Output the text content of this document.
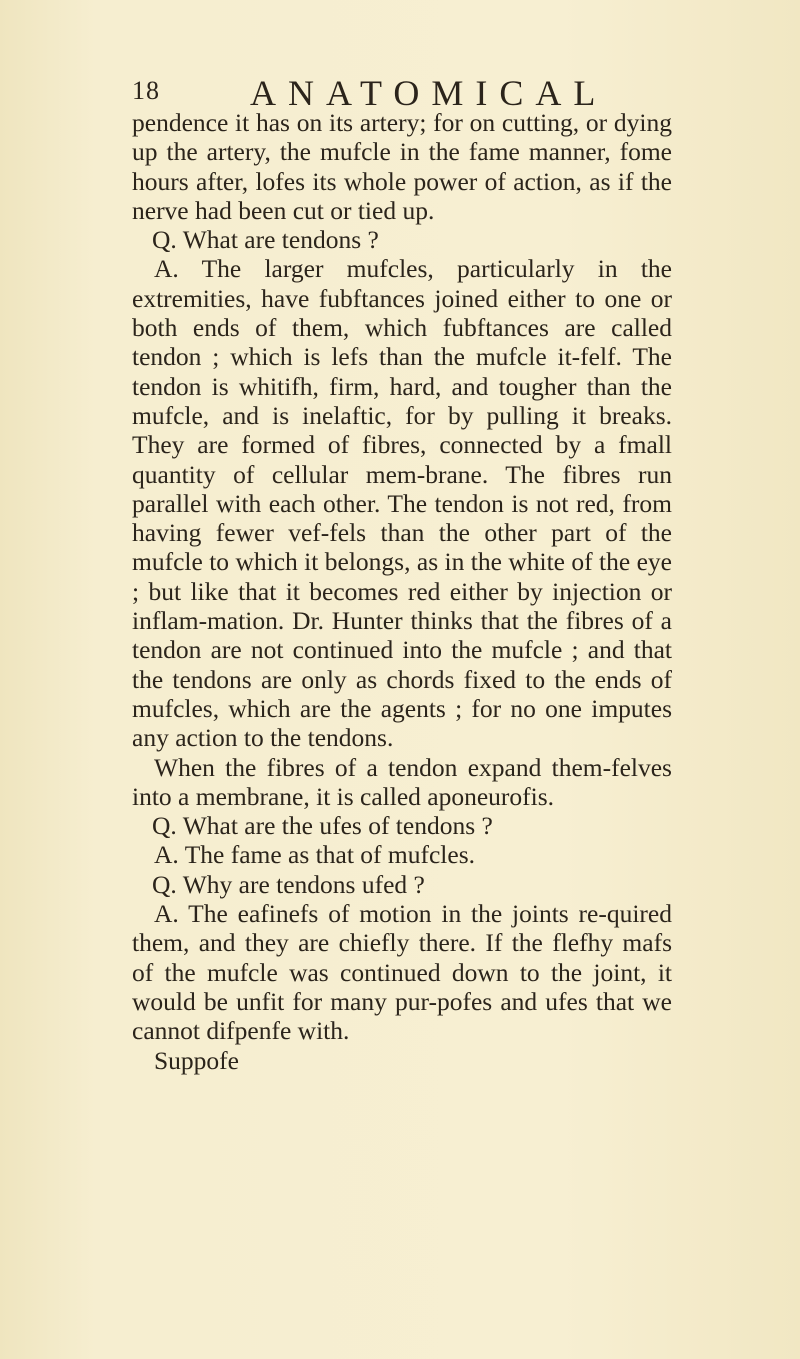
18	ANATOMICAL

pendence it has on its artery; for on cutting, or dying up the artery, the mufcle in the fame manner, fome hours after, lofes its whole power of action, as if the nerve had been cut or tied up.

Q. What are tendons ?

A. The larger mufcles, particularly in the extremities, have fubftances joined either to one or both ends of them, which fubftances are called tendon ; which is lefs than the mufcle it-felf. The tendon is whitifh, firm, hard, and tougher than the mufcle, and is inelaftic, for by pulling it breaks. They are formed of fibres, connected by a fmall quantity of cellular mem-brane. The fibres run parallel with each other. The tendon is not red, from having fewer vef-fels than the other part of the mufcle to which it belongs, as in the white of the eye ; but like that it becomes red either by injection or inflam-mation. Dr. Hunter thinks that the fibres of a tendon are not continued into the mufcle ; and that the tendons are only as chords fixed to the ends of mufcles, which are the agents ; for no one imputes any action to the tendons.

When the fibres of a tendon expand them-felves into a membrane, it is called aponeurofis.

Q. What are the ufes of tendons ?

A. The fame as that of mufcles.

Q. Why are tendons ufed ?

A. The eafinefs of motion in the joints re-quired them, and they are chiefly there. If the flefhy mafs of the mufcle was continued down to the joint, it would be unfit for many pur-pofes and ufes that we cannot difpenfe with.

Suppofe
